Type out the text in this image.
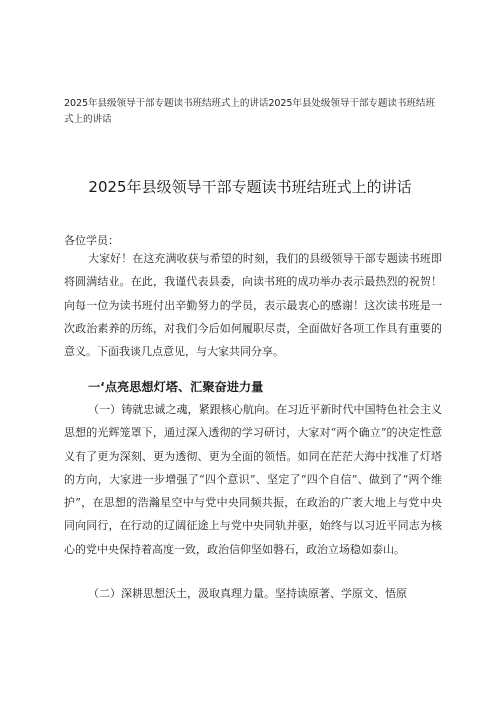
2025年县级领导干部专题读书班结班式上的讲话2025年县处级领导干部专题读书班结班式上的讲话
2025年县级领导干部专题读书班结班式上的讲话
各位学员：

大家好！在这充满收获与希望的时刻，我们的县级领导干部专题读书班即将圆满结业。在此，我谨代表县委，向读书班的成功举办表示最热烈的祝贺！向每一位为读书班付出辛勤努力的学员，表示最衷心的感谢！这次读书班是一次政治素养的历练，对我们今后如何履职尽责，全面做好各项工作具有重要的意义。下面我谈几点意见，与大家共同分享。

一‘点亮思想灯塔、汇聚奋进力量

（一）铸就忠诚之魂，紧跟核心航向。在习近平新时代中国特色社会主义思想的光辉笼罩下，通过深入透彻的学习研讨，大家对“两个确立”的决定性意义有了更为深刻、更为透彻、更为全面的领悟。如同在茫茫大海中找准了灯塔的方向，大家进一步增强了“四个意识”、坚定了“四个自信”、做到了“两个维护”，在思想的浩瀚星空中与党中央同频共振，在政治的广袤大地上与党中央同向同行，在行动的辽阔征途上与党中央同轨并驱，始终与以习近平同志为核心的党中央保持着高度一致，政治信仰坚如磐石，政治立场稳如泰山。

（二）深耕思想沃土，汲取真理力量。坚持读原著、学原文、悟原
